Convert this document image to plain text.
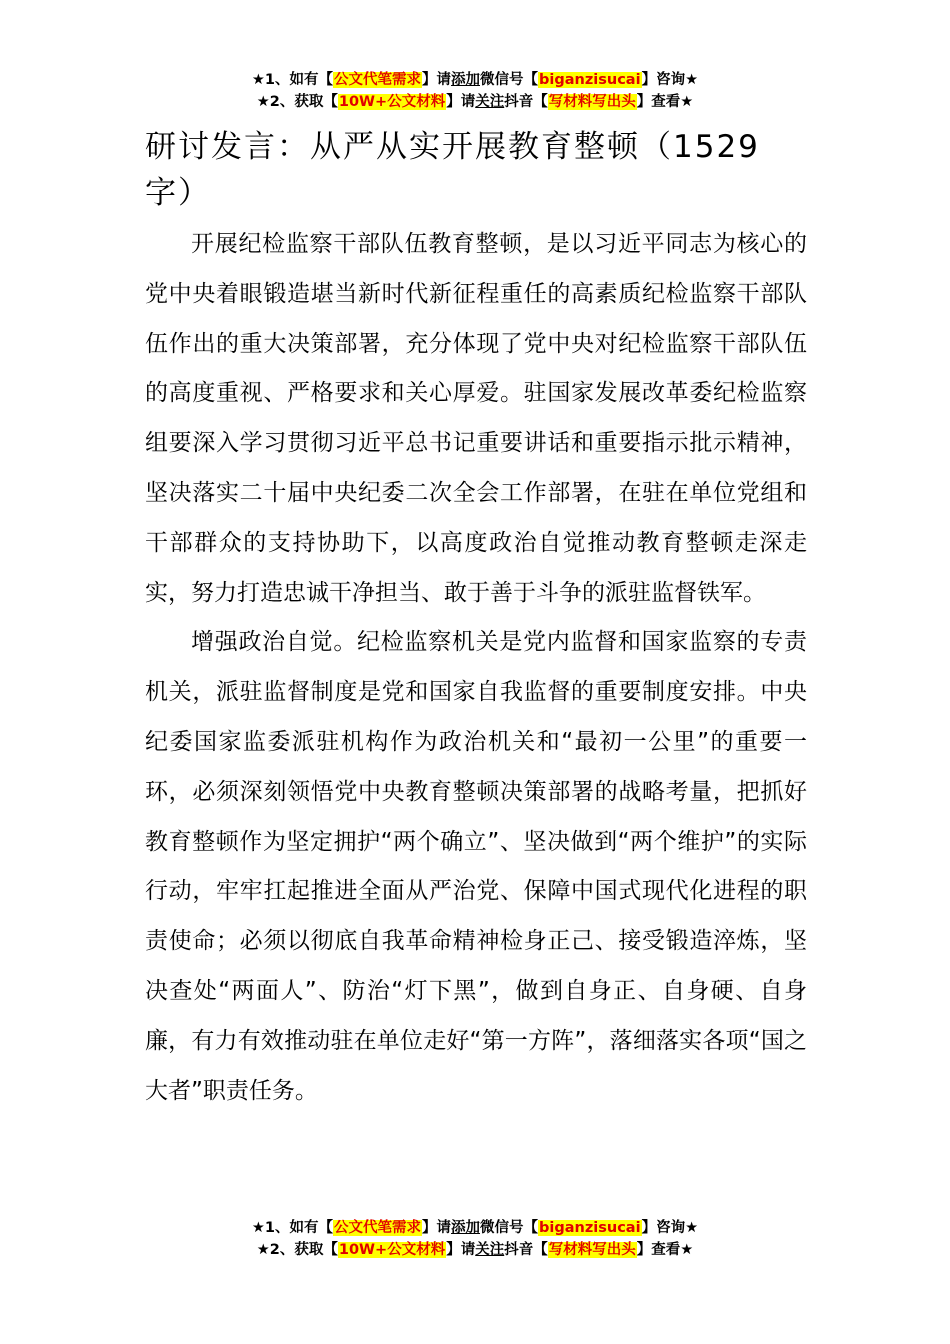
★1、如有【公文代笔需求】请添加微信号【biganzisucai】咨询★
★2、获取【10W+公文材料】请关注抖音【写材料写出头】查看★
研讨发言：从严从实开展教育整顿（1529字）

开展纪检监察干部队伍教育整顿，是以习近平同志为核心的党中央着眼锻造堪当新时代新征程重任的高素质纪检监察干部队伍作出的重大决策部署，充分体现了党中央对纪检监察干部队伍的高度重视、严格要求和关心厚爱。驻国家发展改革委纪检监察组要深入学习贯彻习近平总书记重要讲话和重要指示批示精神，坚决落实二十届中央纪委二次全会工作部署，在驻在单位党组和干部群众的支持协助下，以高度政治自觉推动教育整顿走深走实，努力打造忠诚干净担当、敢于善于斗争的派驻监督铁军。

增强政治自觉。纪检监察机关是党内监督和国家监察的专责机关，派驻监督制度是党和国家自我监督的重要制度安排。中央纪委国家监委派驻机构作为政治机关和“最初一公里”的重要一环，必须深刻领悟党中央教育整顿决策部署的战略考量，把抓好教育整顿作为坚定拥护“两个确立”、坚决做到“两个维护”的实际行动，牢牢扛起推进全面从严治党、保障中国式现代化进程的职责使命；必须以彻底自我革命精神检身正己、接受锻造淬炼，坚决查处“两面人”、防治“灯下黑”，做到自身正、自身硬、自身廉，有力有效推动驻在单位走好“第一方阵”，落细落实各项“国之大者”职责任务。

★1、如有【公文代笔需求】请添加微信号【biganzisucai】咨询★
★2、获取【10W+公文材料】请关注抖音【写材料写出头】查看★
